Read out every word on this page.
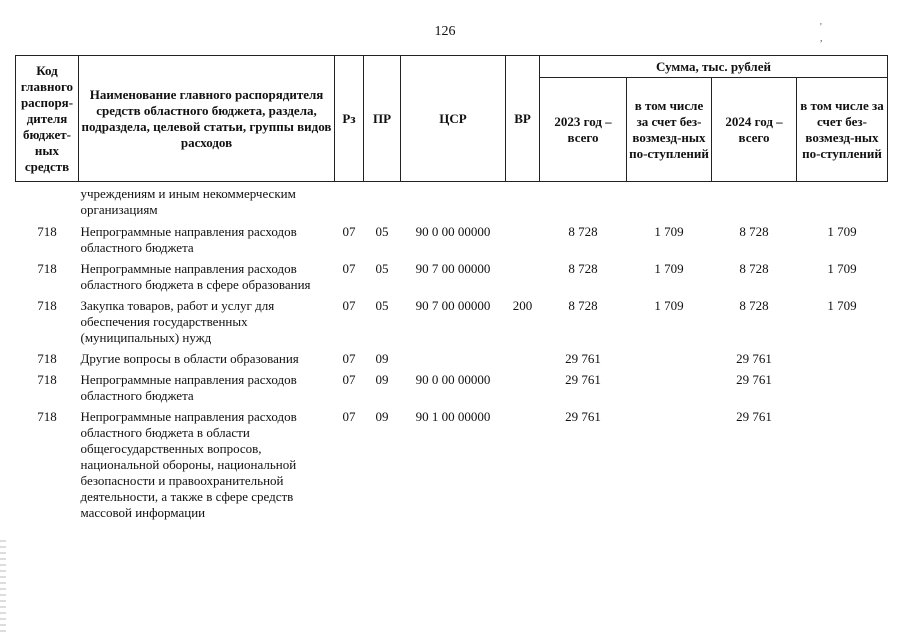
126	' ,
Код главного распоря-дителя бюджет-ных средств	Наименование главного распорядителя средств областного бюджета, раздела, подраздела, целевой статьи, группы видов расходов	Рз	ПР	ЦСР	ВР	Сумма, тыс. рублей			
						2023 год – всего	в том числе за счет без-возмезд-ных по-ступлений	2024 год – всего	в том числе за счет без-возмезд-ных по-ступлений
	учреждениям и иным некоммерческим организациям								
718	Непрограммные направления расходов областного бюджета	07	05	90 0 00 00000		8 728	1 709	8 728	1 709
718	Непрограммные направления расходов областного бюджета в сфере образования	07	05	90 7 00 00000		8 728	1 709	8 728	1 709
718	Закупка товаров, работ и услуг для обеспечения государственных (муниципальных) нужд	07	05	90 7 00 00000	200	8 728	1 709	8 728	1 709
718	Другие вопросы в области образования	07	09			29 761		29 761	
718	Непрограммные направления расходов областного бюджета	07	09	90 0 00 00000		29 761		29 761	
718	Непрограммные направления расходов областного бюджета в области общегосударственных вопросов, национальной обороны, национальной безопасности и правоохранительной деятельности, а также в сфере средств массовой информации	07	09	90 1 00 00000		29 761		29 761	
